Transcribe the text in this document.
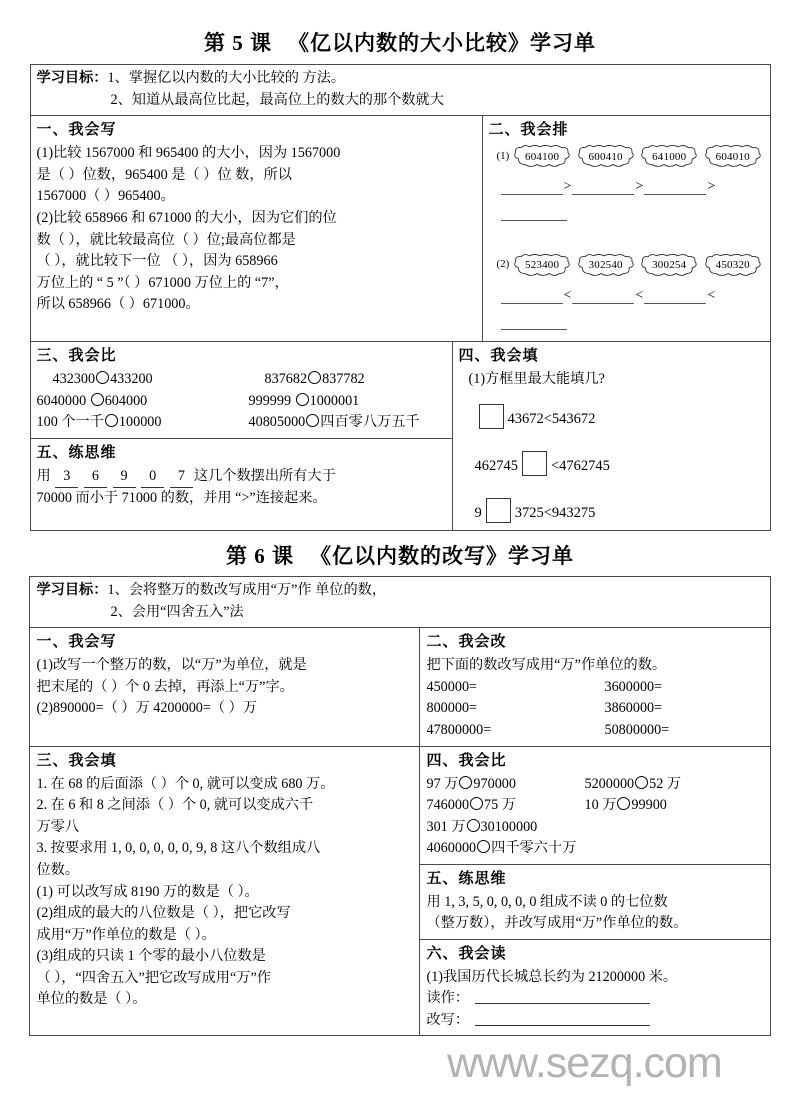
第 5 课 《亿以内数的大小比较》学习单
学习目标：1、掌握亿以内数的大小比较的 方法。
2、知道从最高位比起，最高位上的数大的那个数就大		

一、我会写

(1)比较 1567000 和 965400 的大小，因为 1567000

是（ ）位数，965400 是（ ）位 数，所以

1567000（ ）965400。

(2)比较 658966 和 671000 的大小，因为它们的位

数（ ），就比较最高位（ ）位;最高位都是

（ ），就比较下一位 （ ），因为 658966

万位上的 “ 5 ”（ ）671000 万位上的 “7”，

所以 658966（ ）671000。

二、我会排
(1) 604100	600410	641000	604010
>	>	>
(2) 523400	302540	300254	450320
<	<	<

三、我会比
432300 433200	837682 837782
6040000 604000	999999 1000001
100 个一千 100000	40805000 四百零八万五千

四、我会填
(1)方框里最大能填几?
43672<543672
462745 <4762745
9 3725<943275

五、练思维
用 3 6 9 0 7 这几个数摆出所有大于
70000 而小于 71000 的数，并用 “>”连接起来。		
第 6 课 《亿以内数的改写》学习单
学习目标：1、会将整万的数改写成用“万”作 单位的数，
2、会用“四舍五入”法	

一、我会写

(1)改写一个整万的数，以“万”为单位，就是

把末尾的（ ）个 0 去掉，再添上“万”字。

(2)890000=（ ）万 4200000=（ ）万

二、我会改
把下面的数改写成用“万”作单位的数。
450000=	3600000=
800000=	3860000=
47800000=	50800000=

三、我会填

1. 在 68 的后面添（ ）个 0, 就可以变成 680 万。

2. 在 6 和 8 之间添（ ）个 0, 就可以变成六千

万零八

3. 按要求用 1, 0, 0, 0, 0, 0, 9, 8 这八个数组成八

位数。

(1) 可以改写成 8190 万的数是（ ）。

(2)组成的最大的八位数是（ ），把它改写

成用“万”作单位的数是（ ）。

(3)组成的只读 1 个零的最小八位数是

（ ），“四舍五入”把它改写成用“万”作

单位的数是（ ）。

四、我会比
97 万 970000	5200000 52 万
746000 75 万	10 万 99900
301 万 30100000
4060000 四千零六十万

	五、练思维

用 1, 3, 5, 0, 0, 0, 0 组成不读 0 的七位数

（整万数），并改写成用“万”作单位的数。

	六、我会读

(1)我国历代长城总长约为 21200000 米。

读作：

改写：

www.sezq.com
